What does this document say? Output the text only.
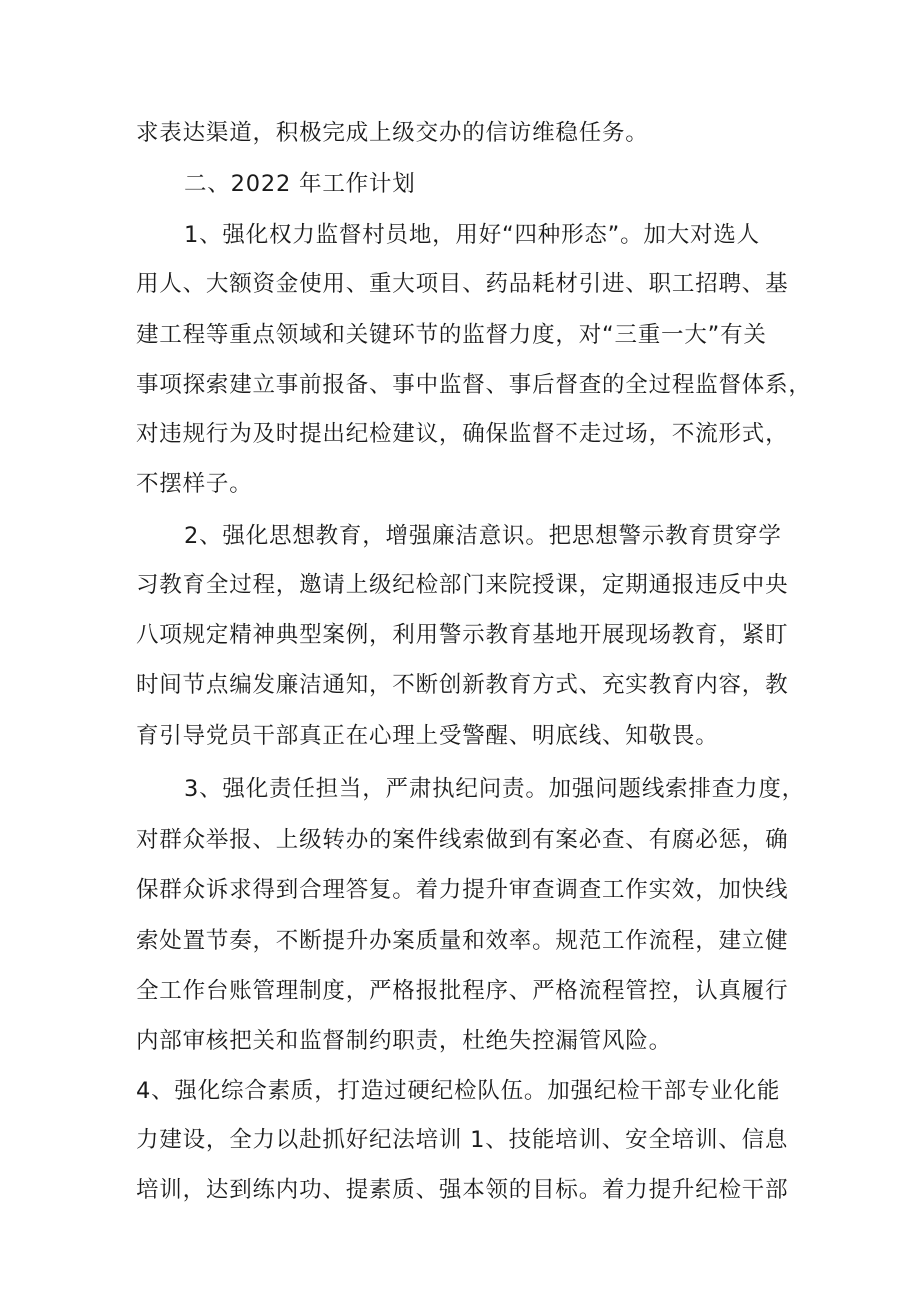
求表达渠道，积极完成上级交办的信访维稳任务。
二、2022 年工作计划
1、强化权力监督村员地，用好“四种形态”。加大对选人
用人、大额资金使用、重大项目、药品耗材引进、职工招聘、基
建工程等重点领域和关键环节的监督力度，对“三重一大”有关
事项探索建立事前报备、事中监督、事后督查的全过程监督体系，
对违规行为及时提出纪检建议，确保监督不走过场，不流形式，
不摆样子。
2、强化思想教育，增强廉洁意识。把思想警示教育贯穿学
习教育全过程，邀请上级纪检部门来院授课，定期通报违反中央
八项规定精神典型案例，利用警示教育基地开展现场教育，紧盯
时间节点编发廉洁通知，不断创新教育方式、充实教育内容，教
育引导党员干部真正在心理上受警醒、明底线、知敬畏。
3、强化责任担当，严肃执纪问责。加强问题线索排查力度，
对群众举报、上级转办的案件线索做到有案必查、有腐必惩，确
保群众诉求得到合理答复。着力提升审查调查工作实效，加快线
索处置节奏，不断提升办案质量和效率。规范工作流程，建立健
全工作台账管理制度，严格报批程序、严格流程管控，认真履行
内部审核把关和监督制约职责，杜绝失控漏管风险。
4、强化综合素质，打造过硬纪检队伍。加强纪检干部专业化能
力建设，全力以赴抓好纪法培训 1、技能培训、安全培训、信息
培训，达到练内功、提素质、强本领的目标。着力提升纪检干部
